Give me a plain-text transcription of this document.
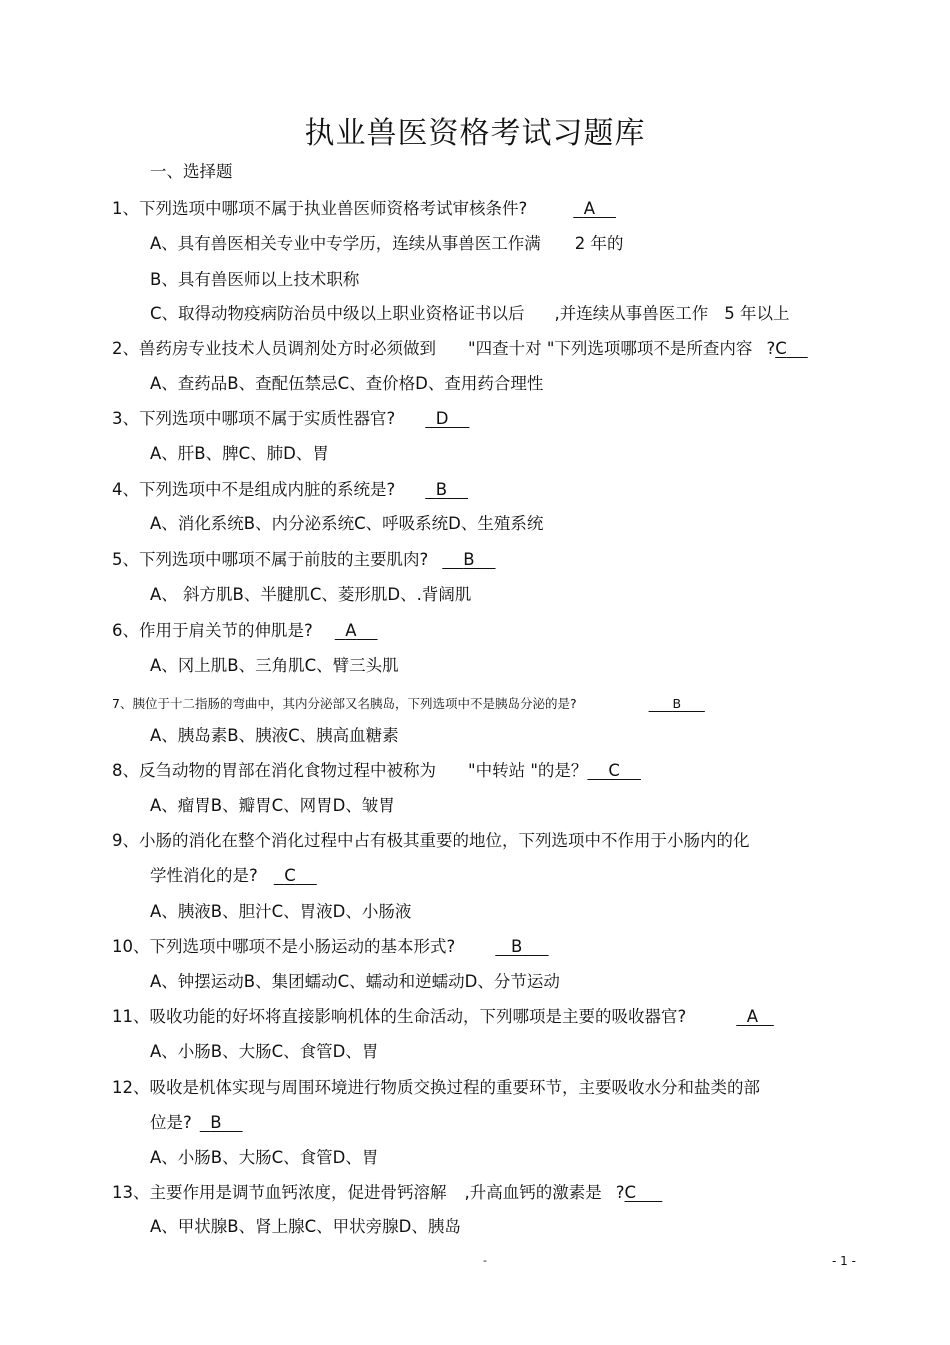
执业兽医资格考试习题库
一、选择题
1、下列选项中哪项不属于执业兽医师资格考试审核条件?	A
A、具有兽医相关专业中专学历，连续从事兽医工作满 2 年的
B、具有兽医师以上技术职称
C、取得动物疫病防治员中级以上职业资格证书以后 ,并连续从事兽医工作 5 年以上
2、兽药房专业技术人员调剂处方时必须做到 "四查十对 "下列选项哪项不是所查内容 ?C
A、查药品B、查配伍禁忌C、查价格D、查用药合理性
3、下列选项中哪项不属于实质性器官? D
A、肝B、脾C、肺D、胃
4、下列选项中不是组成内脏的系统是? B
A、消化系统B、内分泌系统C、呼吸系统D、生殖系统
5、下列选项中哪项不属于前肢的主要肌肉? B
A、 斜方肌B、半腱肌C、菱形肌D、.背阔肌
6、作用于肩关节的伸肌是? A
A、冈上肌B、三角肌C、臂三头肌
7、胰位于十二指肠的弯曲中，其内分泌部又名胰岛，下列选项中不是胰岛分泌的是?	B
A、胰岛素B、胰液C、胰高血糖素
8、反刍动物的胃部在消化食物过程中被称为 "中转站 "的是？ C
A、瘤胃B、瓣胃C、网胃D、皱胃
9、小肠的消化在整个消化过程中占有极其重要的地位，下列选项中不作用于小肠内的化
学性消化的是? C
A、胰液B、胆汁C、胃液D、小肠液
10、下列选项中哪项不是小肠运动的基本形式?	B
A、钟摆运动B、集团蠕动C、蠕动和逆蠕动D、分节运动
11、吸收功能的好坏将直接影响机体的生命活动，下列哪项是主要的吸收器官?	A
A、小肠B、大肠C、食管D、胃
12、吸收是机体实现与周围环境进行物质交换过程的重要环节，主要吸收水分和盐类的部
位是? B
A、小肠B、大肠C、食管D、胃
13、主要作用是调节血钙浓度，促进骨钙溶解 ,升高血钙的激素是 ?C
A、甲状腺B、肾上腺C、甲状旁腺D、胰岛
-	- 1 -
